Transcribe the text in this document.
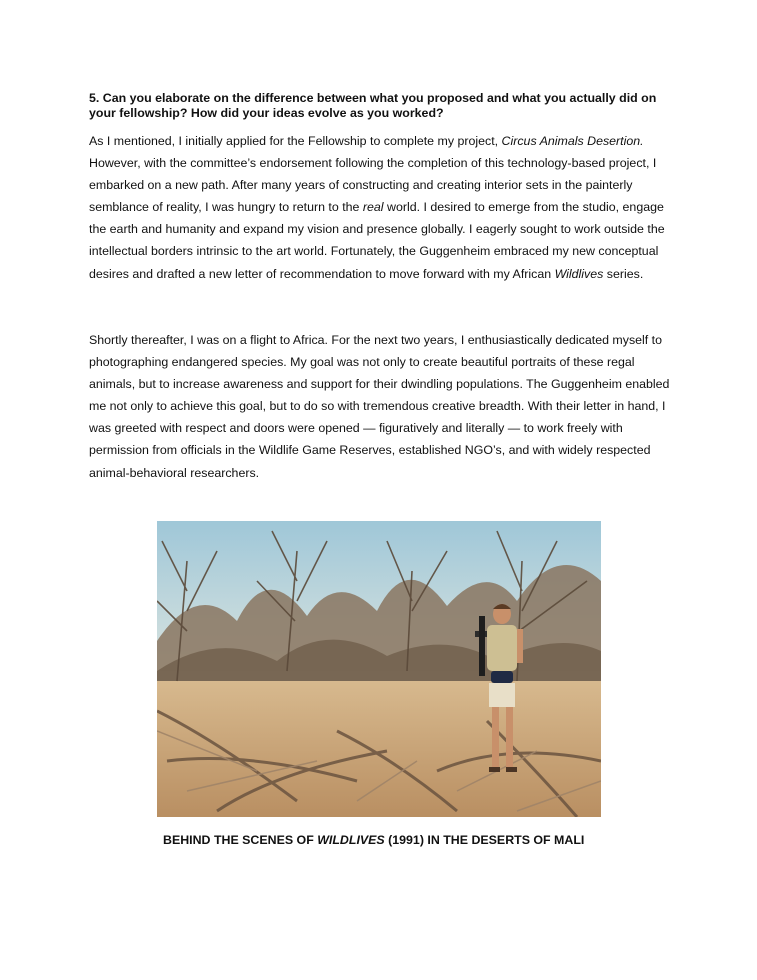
5. Can you elaborate on the difference between what you proposed and what you actually did on your fellowship? How did your ideas evolve as you worked?

As I mentioned, I initially applied for the Fellowship to complete my project, Circus Animals Desertion. However, with the committee’s endorsement following the completion of this technology-based project, I embarked on a new path. After many years of constructing and creating interior sets in the painterly semblance of reality, I was hungry to return to the real world. I desired to emerge from the studio, engage the earth and humanity and expand my vision and presence globally. I eagerly sought to work outside the intellectual borders intrinsic to the art world. Fortunately, the Guggenheim embraced my new conceptual desires and drafted a new letter of recommendation to move forward with my African Wildlives series.

Shortly thereafter, I was on a flight to Africa. For the next two years, I enthusiastically dedicated myself to photographing endangered species. My goal was not only to create beautiful portraits of these regal animals, but to increase awareness and support for their dwindling populations. The Guggenheim enabled me not only to achieve this goal, but to do so with tremendous creative breadth. With their letter in hand, I was greeted with respect and doors were opened — figuratively and literally — to work freely with permission from officials in the Wildlife Game Reserves, established NGO’s, and with widely respected animal-behavioral researchers.

BEHIND THE SCENES OF WILDLIVES (1991) IN THE DESERTS OF MALI
